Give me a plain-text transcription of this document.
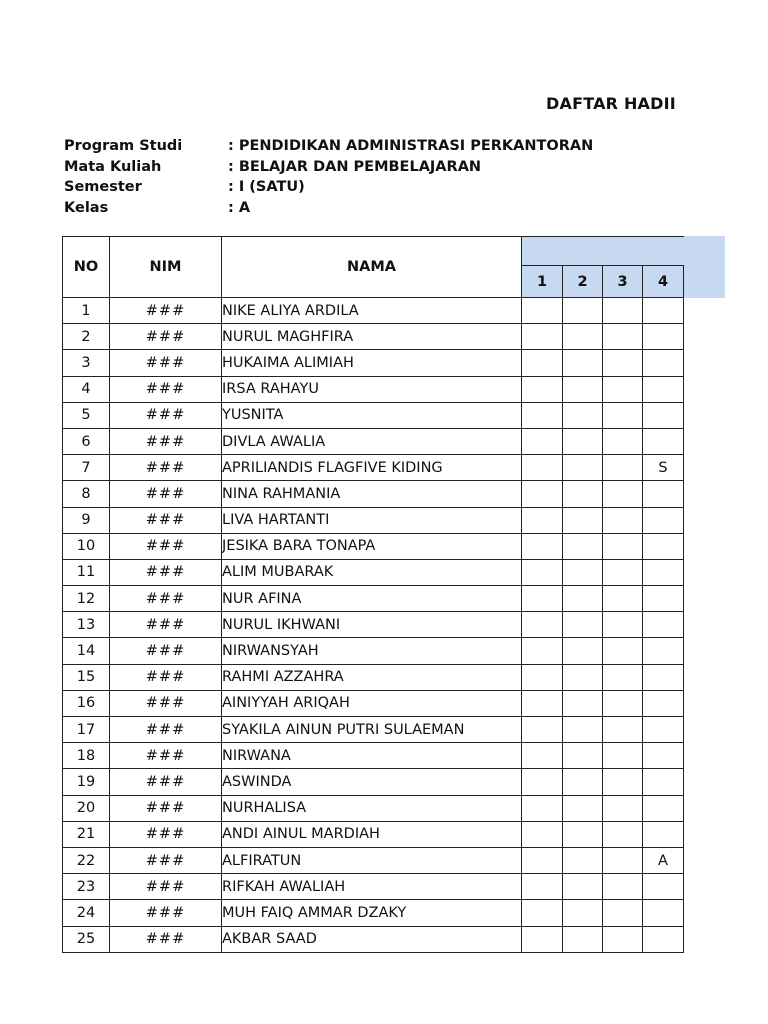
DAFTAR HADII
Program Studi	: PENDIDIKAN ADMINISTRASI PERKANTORAN
Mata Kuliah	: BELAJAR DAN PEMBELAJARAN
Semester	: I (SATU)
Kelas	: A
NO	NIM	NAMA				
			1	2	3	4
1	###	NIKE ALIYA ARDILA				
2	###	NURUL MAGHFIRA				
3	###	HUKAIMA ALIMIAH				
4	###	IRSA RAHAYU				
5	###	YUSNITA				
6	###	DIVLA AWALIA				
7	###	APRILIANDIS FLAGFIVE KIDING				S
8	###	NINA RAHMANIA				
9	###	LIVA HARTANTI				
10	###	JESIKA BARA TONAPA				
11	###	ALIM MUBARAK				
12	###	NUR AFINA				
13	###	NURUL IKHWANI				
14	###	NIRWANSYAH				
15	###	RAHMI AZZAHRA				
16	###	AINIYYAH ARIQAH				
17	###	SYAKILA AINUN PUTRI SULAEMAN				
18	###	NIRWANA				
19	###	ASWINDA				
20	###	NURHALISA				
21	###	ANDI AINUL MARDIAH				
22	###	ALFIRATUN				A
23	###	RIFKAH AWALIAH				
24	###	MUH FAIQ AMMAR DZAKY				
25	###	AKBAR SAAD				
